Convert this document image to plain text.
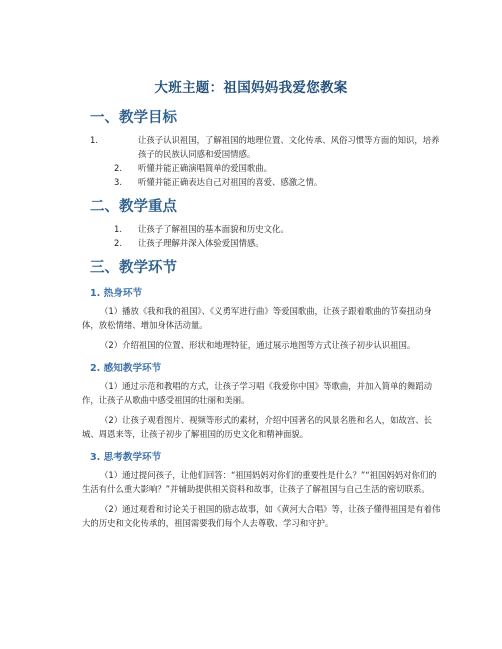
大班主题：祖国妈妈我爱您教案
一、教学目标
1.	让孩子认识祖国，了解祖国的地理位置、文化传承、风俗习惯等方面的知识，培养孩子的民族认同感和爱国情感。
2. 听懂并能正确演唱简单的爱国歌曲。
3. 听懂并能正确表达自己对祖国的喜爱、感激之情。
二、教学重点
1. 让孩子了解祖国的基本面貌和历史文化。
2. 让孩子理解并深入体验爱国情感。
三、教学环节
1. 热身环节

（1）播放《我和我的祖国》、《义勇军进行曲》等爱国歌曲，让孩子跟着歌曲的节奏扭动身体，放松情绪、增加身体活动量。

（2）介绍祖国的位置、形状和地理特征，通过展示地图等方式让孩子初步认识祖国。

2. 感知教学环节

（1）通过示范和教唱的方式，让孩子学习唱《我爱你中国》等歌曲，并加入简单的舞蹈动作，让孩子从歌曲中感受祖国的壮丽和美丽。

（2）让孩子观看图片、视频等形式的素材，介绍中国著名的风景名胜和名人，如故宫、长城、周恩来等，让孩子初步了解祖国的历史文化和精神面貌。

3. 思考教学环节

（1）通过提问孩子，让他们回答：“祖国妈妈对你们的重要性是什么？”“祖国妈妈对你们的生活有什么重大影响？”并辅助提供相关资料和故事，让孩子了解祖国与自己生活的密切联系。

（2）通过观看和讨论关于祖国的励志故事，如《黄河大合唱》等，让孩子懂得祖国是有着伟大的历史和文化传承的，祖国需要我们每个人去尊敬、学习和守护。
